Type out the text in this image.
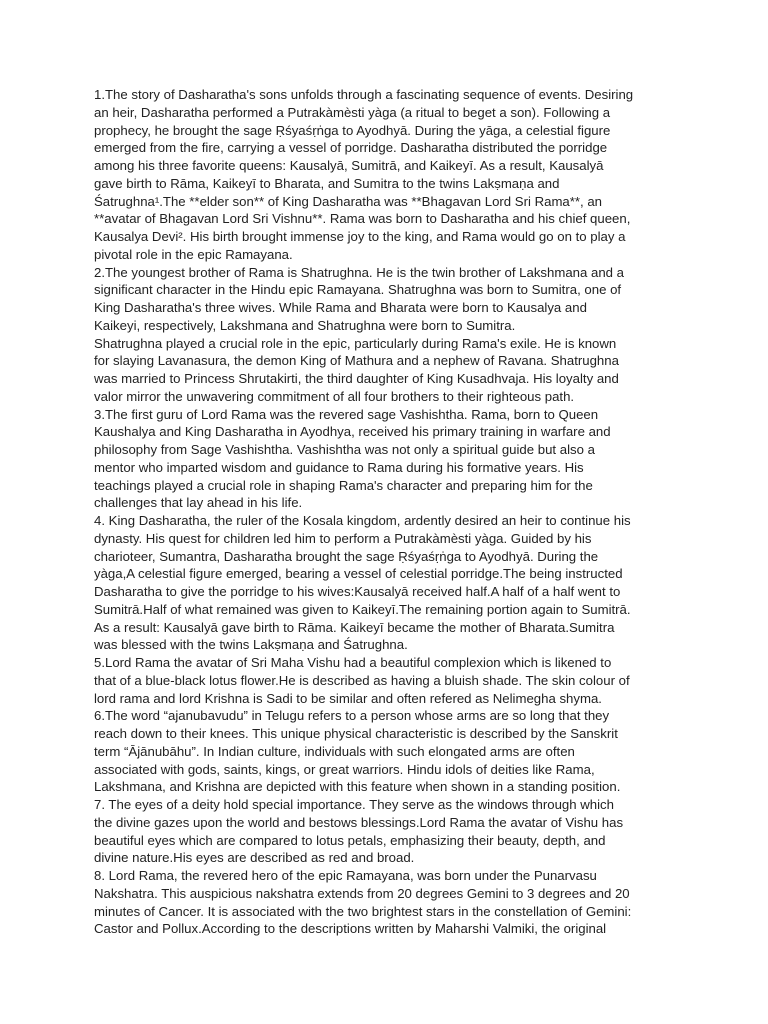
1.The story of Dasharatha's sons unfolds through a fascinating sequence of events. Desiring
an heir, Dasharatha performed a Putrakàmèsti yàga (a ritual to beget a son). Following a
prophecy, he brought the sage Ṛśyaśṛṅga to Ayodhyā. During the yāga, a celestial figure
emerged from the fire, carrying a vessel of porridge. Dasharatha distributed the porridge
among his three favorite queens: Kausalyā, Sumitrā, and Kaikeyī. As a result, Kausalyā
gave birth to Rāma, Kaikeyī to Bharata, and Sumitra to the twins Lakṣmaṇa and
Śatrughna¹.The **elder son** of King Dasharatha was **Bhagavan Lord Sri Rama**, an
**avatar of Bhagavan Lord Sri Vishnu**. Rama was born to Dasharatha and his chief queen,
Kausalya Devi². His birth brought immense joy to the king, and Rama would go on to play a
pivotal role in the epic Ramayana.
2.The youngest brother of Rama is Shatrughna. He is the twin brother of Lakshmana and a
significant character in the Hindu epic Ramayana. Shatrughna was born to Sumitra, one of
King Dasharatha's three wives. While Rama and Bharata were born to Kausalya and
Kaikeyi, respectively, Lakshmana and Shatrughna were born to Sumitra.
Shatrughna played a crucial role in the epic, particularly during Rama's exile. He is known
for slaying Lavanasura, the demon King of Mathura and a nephew of Ravana. Shatrughna
was married to Princess Shrutakirti, the third daughter of King Kusadhvaja. His loyalty and
valor mirror the unwavering commitment of all four brothers to their righteous path.
3.The first guru of Lord Rama was the revered sage Vashishtha. Rama, born to Queen
Kaushalya and King Dasharatha in Ayodhya, received his primary training in warfare and
philosophy from Sage Vashishtha. Vashishtha was not only a spiritual guide but also a
mentor who imparted wisdom and guidance to Rama during his formative years. His
teachings played a crucial role in shaping Rama's character and preparing him for the
challenges that lay ahead in his life.
4. King Dasharatha, the ruler of the Kosala kingdom, ardently desired an heir to continue his
dynasty. His quest for children led him to perform a Putrakàmèsti yàga. Guided by his
charioteer, Sumantra, Dasharatha brought the sage Ṛśyaśṛṅga to Ayodhyā. During the
yàga,A celestial figure emerged, bearing a vessel of celestial porridge.The being instructed
Dasharatha to give the porridge to his wives:Kausalyā received half.A half of a half went to
Sumitrā.Half of what remained was given to Kaikeyī.The remaining portion again to Sumitrā.
As a result: Kausalyā gave birth to Rāma. Kaikeyī became the mother of Bharata.Sumitra
was blessed with the twins Lakṣmaṇa and Śatrughna.
5.Lord Rama the avatar of Sri Maha Vishu had a beautiful complexion which is likened to
that of a blue-black lotus flower.He is described as having a bluish shade. The skin colour of
lord rama and lord Krishna is Sadi to be similar and often refered as Nelimegha shyma.
6.The word “ajanubavudu” in Telugu refers to a person whose arms are so long that they
reach down to their knees. This unique physical characteristic is described by the Sanskrit
term “Ājānubāhu”. In Indian culture, individuals with such elongated arms are often
associated with gods, saints, kings, or great warriors. Hindu idols of deities like Rama,
Lakshmana, and Krishna are depicted with this feature when shown in a standing position.
7. The eyes of a deity hold special importance. They serve as the windows through which
the divine gazes upon the world and bestows blessings.Lord Rama the avatar of Vishu has
beautiful eyes which are compared to lotus petals, emphasizing their beauty, depth, and
divine nature.His eyes are described as red and broad.
8. Lord Rama, the revered hero of the epic Ramayana, was born under the Punarvasu
Nakshatra. This auspicious nakshatra extends from 20 degrees Gemini to 3 degrees and 20
minutes of Cancer. It is associated with the two brightest stars in the constellation of Gemini:
Castor and Pollux.According to the descriptions written by Maharshi Valmiki, the original
